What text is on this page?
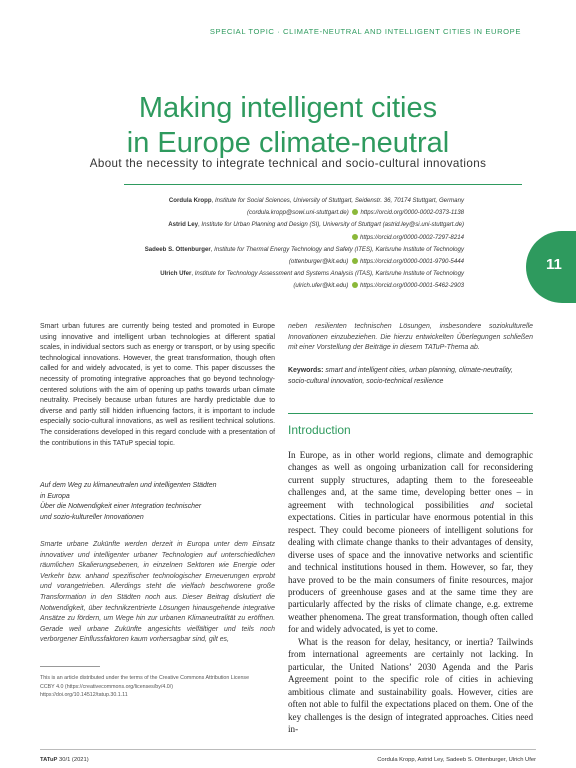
SPECIAL TOPIC · CLIMATE-NEUTRAL AND INTELLIGENT CITIES IN EUROPE
Making intelligent cities
in Europe climate-neutral
About the necessity to integrate technical and socio-cultural innovations

Cordula Kropp, Institute for Social Sciences, University of Stuttgart, Seidenstr. 36, 70174 Stuttgart, Germany
(cordula.kropp@sowi.uni-stuttgart.de) https://orcid.org/0000-0002-0373-1138

Astrid Ley, Institute for Urban Planning and Design (SI), University of Stuttgart (astrid.ley@si.uni-stuttgart.de)
https://orcid.org/0000-0002-7297-8214

Sadeeb S. Ottenburger, Institute for Thermal Energy Technology and Safety (ITES), Karlsruhe Institute of Technology
(ottenburger@kit.edu) https://orcid.org/0000-0001-9790-5444

Ulrich Ufer, Institute for Technology Assessment and Systems Analysis (ITAS), Karlsruhe Institute of Technology
(ulrich.ufer@kit.edu) https://orcid.org/0000-0001-5462-2903

11

Smart urban futures are currently being tested and promoted in Europe using innovative and intelligent urban technologies at different spatial scales, in individual sectors such as energy or transport, or by using specific technological innovations. However, the great transformation, though often called for and widely advocated, is yet to come. This paper discusses the necessity of promoting integrative approaches that go beyond technology-centered solutions with the aim of opening up paths towards urban climate neutrality. Precisely because urban futures are hardly predictable due to diverse and partly still hidden influencing factors, it is important to include especially socio-cultural innovations, as well as resilient technical solutions. The considerations developed in this regard conclude with a presentation of the contributions in this TATuP special topic.

Auf dem Weg zu klimaneutralen und intelligenten Städten
in Europa
Über die Notwendigkeit einer Integration technischer
und sozio-kultureller Innovationen

Smarte urbane Zukünfte werden derzeit in Europa unter dem Einsatz innovativer und intelligenter urbaner Technologien auf unterschiedlichen räumlichen Skalierungsebenen, in einzelnen Sektoren wie Energie oder Verkehr bzw. anhand spezifischer technologischer Erneuerungen erprobt und vorangetrieben. Allerdings steht die vielfach beschworene große Transformation in den Städten noch aus. Dieser Beitrag diskutiert die Notwendigkeit, über technikzentrierte Lösungen hinausgehende integrative Ansätze zu fördern, um Wege hin zur urbanen Klimaneutralität zu eröffnen. Gerade weil urbane Zukünfte angesichts vielfältiger und teils noch verborgener Einflussfaktoren kaum vorhersagbar sind, gilt es,

This is an article distributed under the terms of the Creative Commons Attribution License
CCBY 4.0 (https://creativecommons.org/licenses/by/4.0/)
https://doi.org/10.14512/tatup.30.1.11

neben resilienten technischen Lösungen, insbesondere soziokulturelle Innovationen einzubeziehen. Die hierzu entwickelten Überlegungen schließen mit einer Vorstellung der Beiträge in diesem TATuP-Thema ab.

Keywords: smart and intelligent cities, urban planning, climate-neutrality, socio-cultural innovation, socio-technical resilience

Introduction

In Europe, as in other world regions, climate and demographic changes as well as ongoing urbanization call for reconsidering current supply structures, adapting them to the foreseeable challenges and, at the same time, developing better ones – in agreement with technological possibilities and societal expectations. Cities in particular have enormous potential in this respect. They could become pioneers of intelligent solutions for dealing with climate change thanks to their advantages of density, diverse uses of space and the innovative networks and scientific and technical institutions housed in them. However, so far, they have proved to be the main consumers of finite resources, major producers of greenhouse gases and at the same time they are particularly affected by the risks of climate change, e.g. extreme weather phenomena. The great transformation, though often called for and widely advocated, is yet to come.

What is the reason for delay, hesitancy, or inertia? Tailwinds from international agreements are certainly not lacking. In particular, the United Nations’ 2030 Agenda and the Paris Agreement point to the specific role of cities in achieving ambitious climate and sustainability goals. However, cities are often not able to fulfil the expectations placed on them. One of the key challenges is the design of integrated approaches. Cities need in-

TATuP 30/1 (2021)	Cordula Kropp, Astrid Ley, Sadeeb S. Ottenburger, Ulrich Ufer
